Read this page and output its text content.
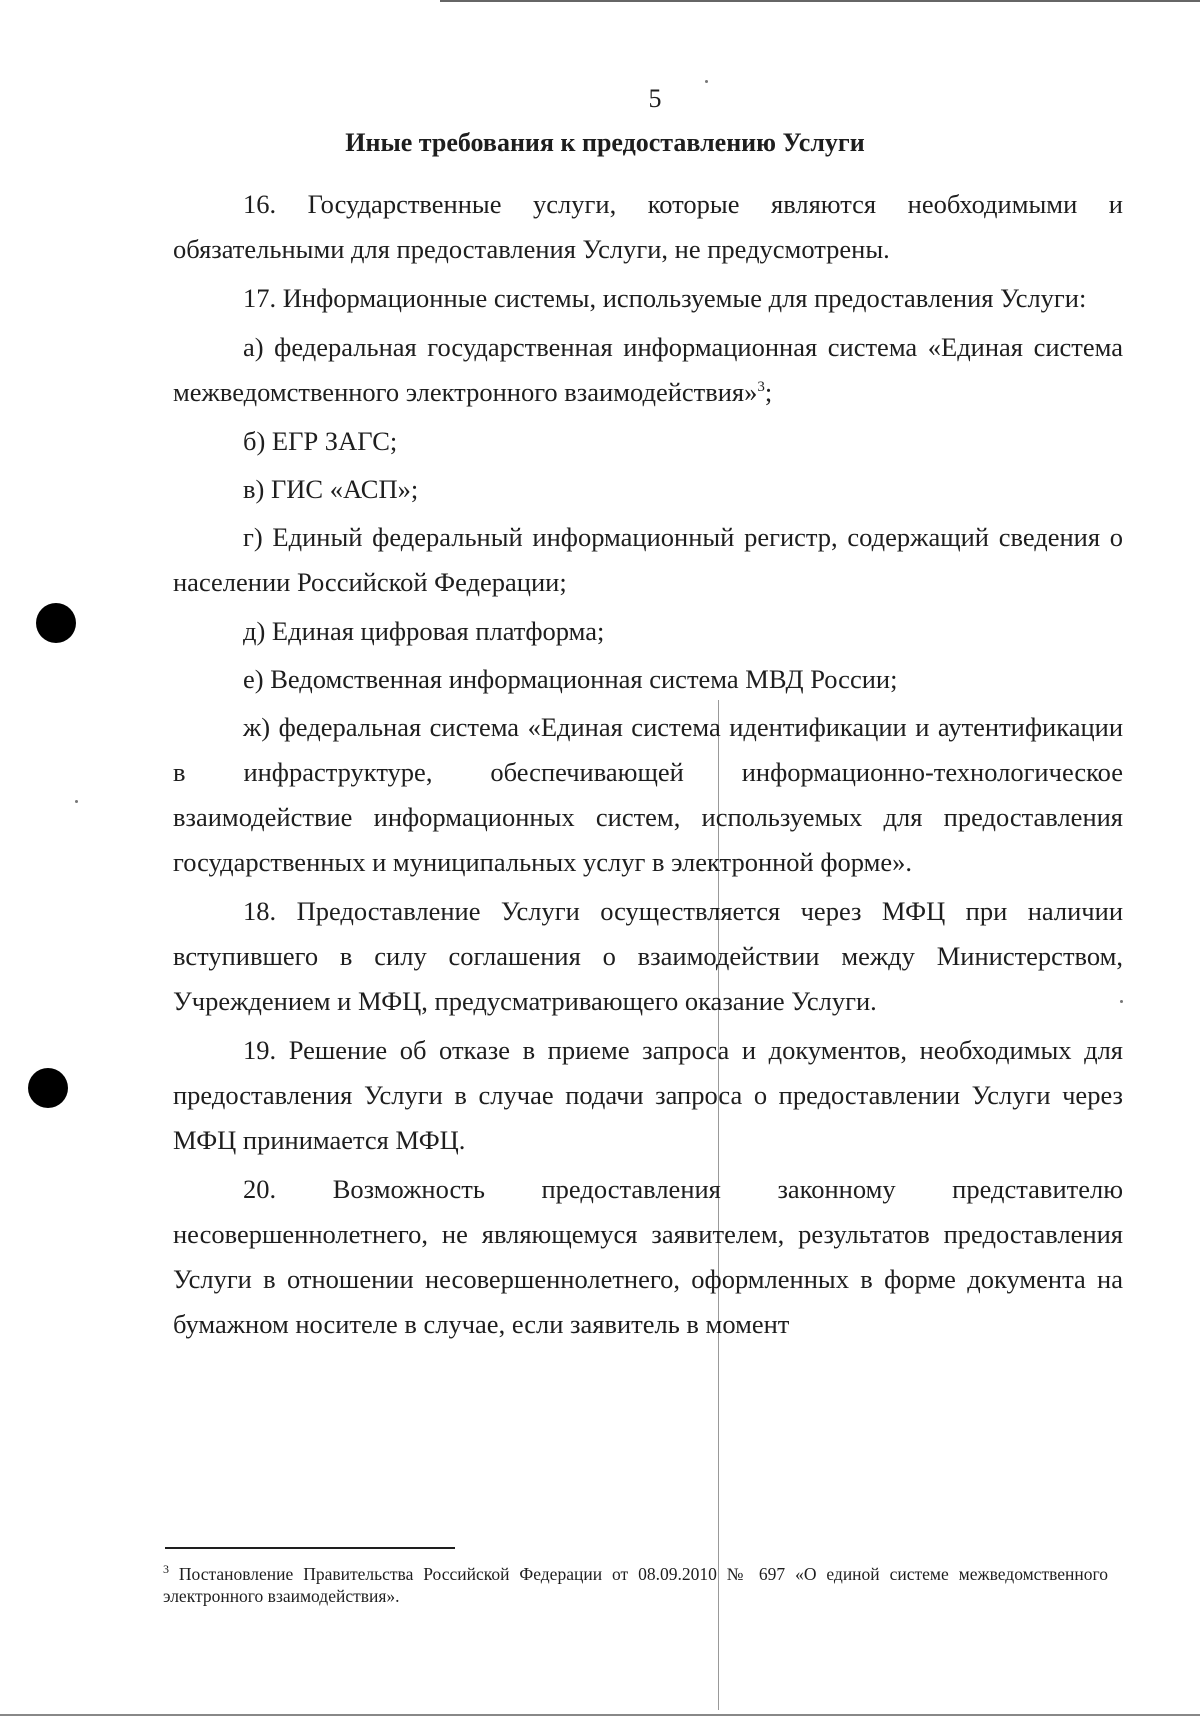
5
Иные требования к предоставлению Услуги

16. Государственные услуги, которые являются необходимыми и обязательными для предоставления Услуги, не предусмотрены.

17. Информационные системы, используемые для предоставления Услуги:

а) федеральная государственная информационная система «Единая система межведомственного электронного взаимодействия»$^3$;

б) ЕГР ЗАГС;

в) ГИС «АСП»;

г) Единый федеральный информационный регистр, содержащий сведения о населении Российской Федерации;

д) Единая цифровая платформа;

е) Ведомственная информационная система МВД России;

ж) федеральная система «Единая система идентификации и аутентификации в инфраструктуре, обеспечивающей информационно-технологическое взаимодействие информационных систем, используемых для предоставления государственных и муниципальных услуг в электронной форме».

18. Предоставление Услуги осуществляется через МФЦ при наличии вступившего в силу соглашения о взаимодействии между Министерством, Учреждением и МФЦ, предусматривающего оказание Услуги.

19. Решение об отказе в приеме запроса и документов, необходимых для предоставления Услуги в случае подачи запроса о предоставлении Услуги через МФЦ принимается МФЦ.

20. Возможность предоставления законному представителю несовершеннолетнего, не являющемуся заявителем, результатов предоставления Услуги в отношении несовершеннолетнего, оформленных в форме документа на бумажном носителе в случае, если заявитель в момент

$^3$ Постановление Правительства Российской Федерации от 08.09.2010 № 697 «О единой системе межведомственного электронного взаимодействия».
